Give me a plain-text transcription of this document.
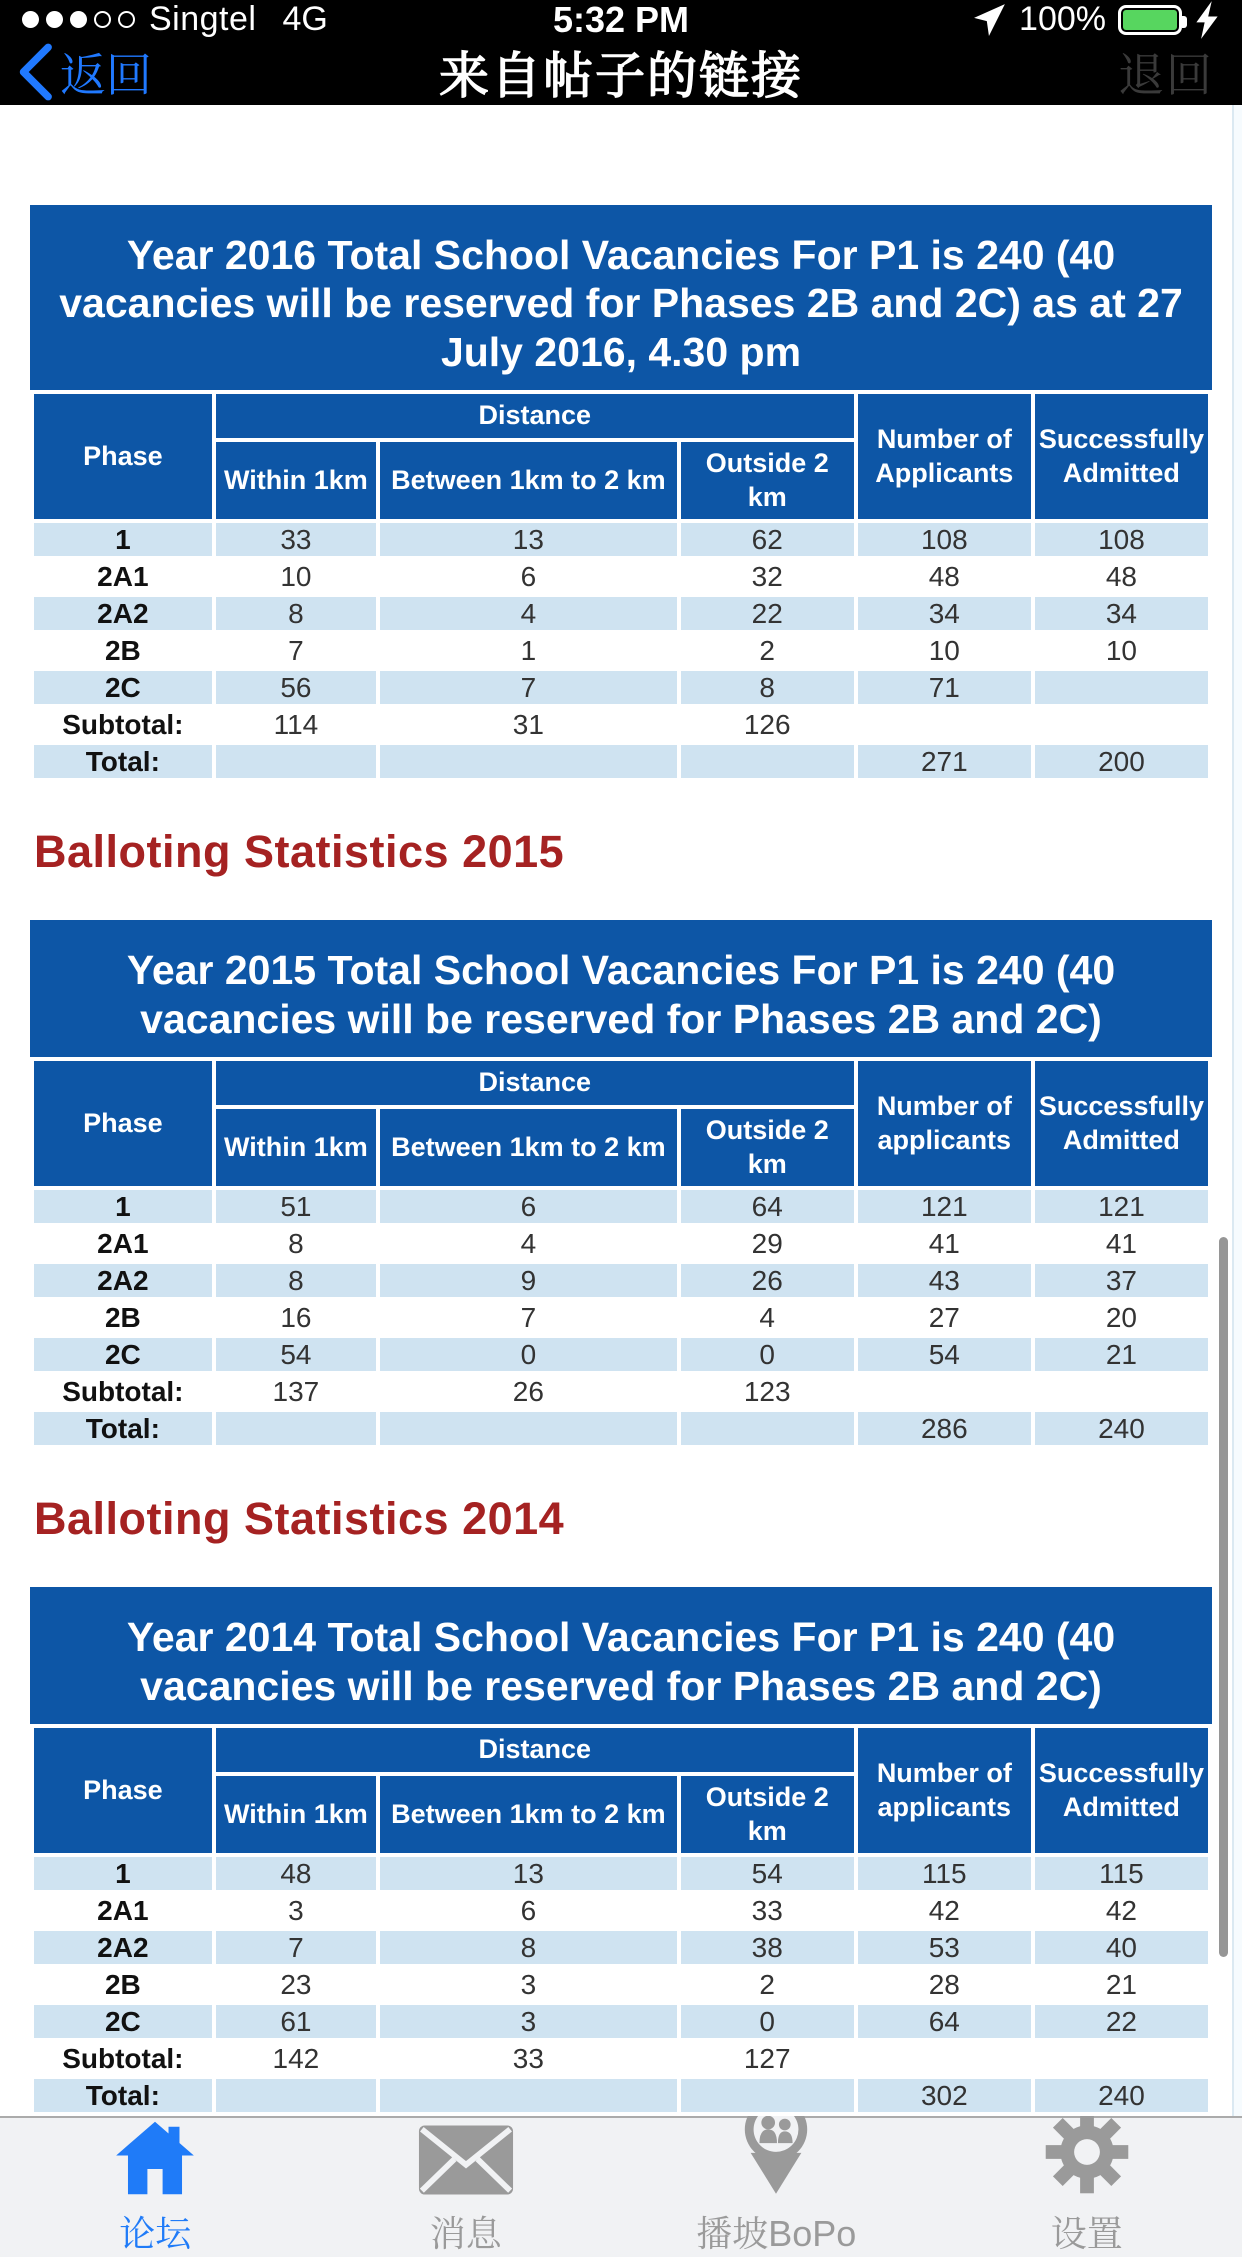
Singtel 4G	5:32 PM	100%
返回	来自帖子的链接	退回
Year 2016 Total School Vacancies For P1 is 240 (40 vacancies will be reserved for Phases 2B and 2C) as at 27 July 2016, 4.30 pm
Phase	Distance			Number of Applicants	Successfully Admitted
	Within 1km	Between 1km to 2 km	Outside 2 km		
1	33	13	62	108	108
2A1	10	6	32	48	48
2A2	8	4	22	34	34
2B	7	1	2	10	10
2C	56	7	8	71	
Subtotal:	114	31	126		
Total:				271	200
Balloting Statistics 2015
Year 2015 Total School Vacancies For P1 is 240 (40 vacancies will be reserved for Phases 2B and 2C)
Phase	Distance			Number of applicants	Successfully Admitted
	Within 1km	Between 1km to 2 km	Outside 2 km		
1	51	6	64	121	121
2A1	8	4	29	41	41
2A2	8	9	26	43	37
2B	16	7	4	27	20
2C	54	0	0	54	21
Subtotal:	137	26	123		
Total:				286	240
Balloting Statistics 2014
Year 2014 Total School Vacancies For P1 is 240 (40 vacancies will be reserved for Phases 2B and 2C)
Phase	Distance			Number of applicants	Successfully Admitted
	Within 1km	Between 1km to 2 km	Outside 2 km		
1	48	13	54	115	115
2A1	3	6	33	42	42
2A2	7	8	38	53	40
2B	23	3	2	28	21
2C	61	3	0	64	22
Subtotal:	142	33	127		
Total:				302	240
论坛	消息	播坡BoPo	设置
